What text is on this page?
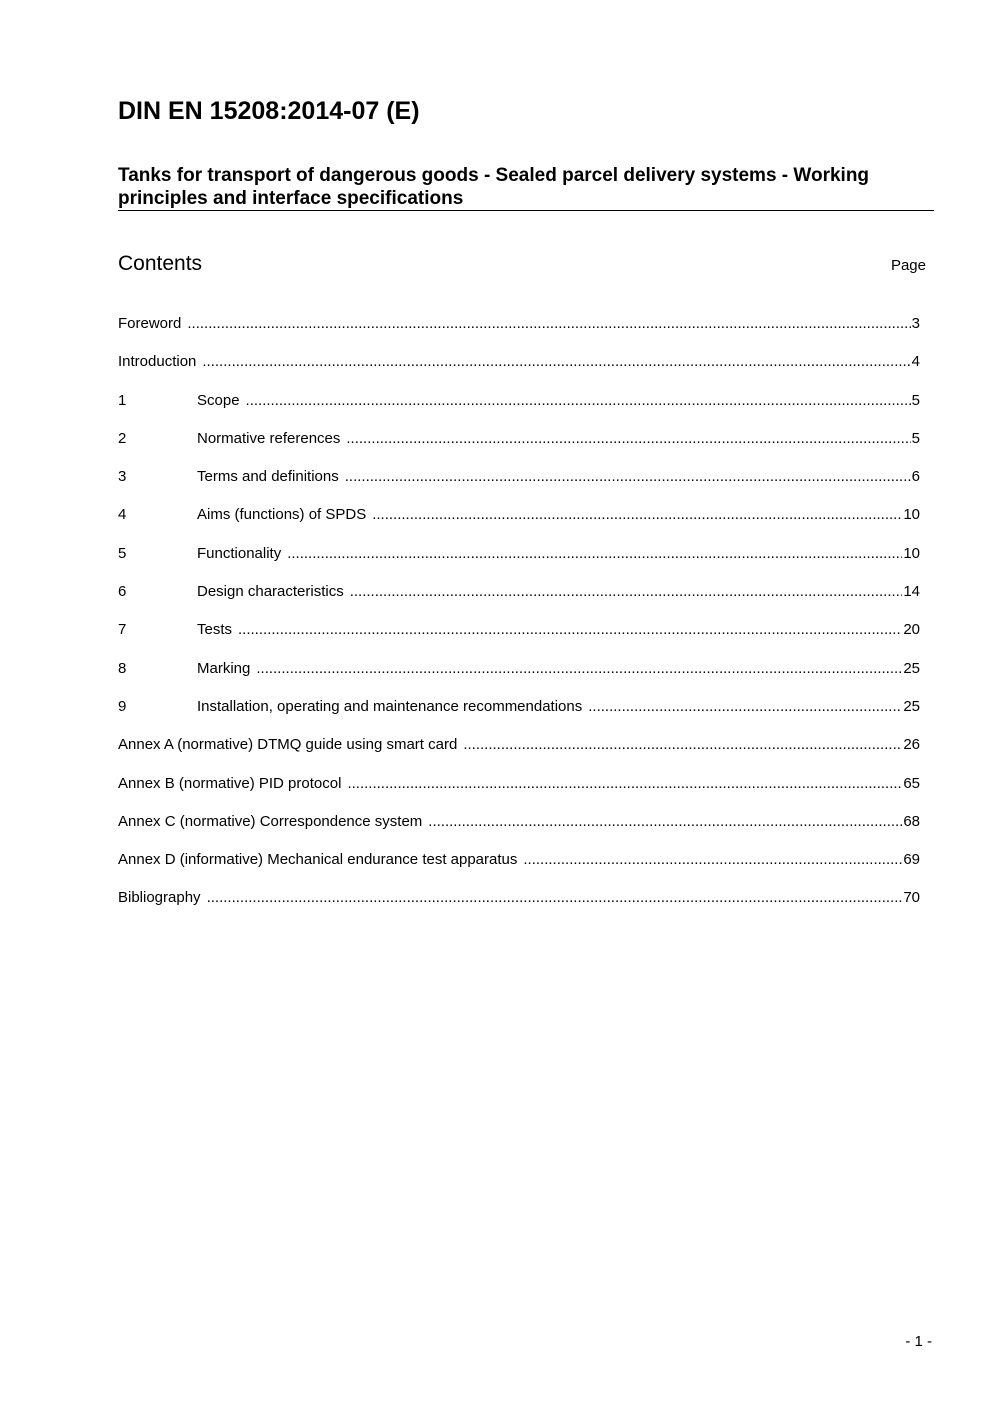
DIN EN 15208:2014-07 (E)
Tanks for transport of dangerous goods - Sealed parcel delivery systems - Working principles and interface specifications
Contents	Page
Foreword .....	3
Introduction .....	4
1	Scope .....	5
2	Normative references .....	5
3	Terms and definitions .....	6
4	Aims (functions) of SPDS .....	10
5	Functionality .....	10
6	Design characteristics .....	14
7	Tests .....	20
8	Marking .....	25
9	Installation, operating and maintenance recommendations .....	25
Annex A (normative) DTMQ guide using smart card .....	26
Annex B (normative) PID protocol .....	65
Annex C (normative) Correspondence system .....	68
Annex D (informative) Mechanical endurance test apparatus .....	69
Bibliography .....	70
- 1 -
